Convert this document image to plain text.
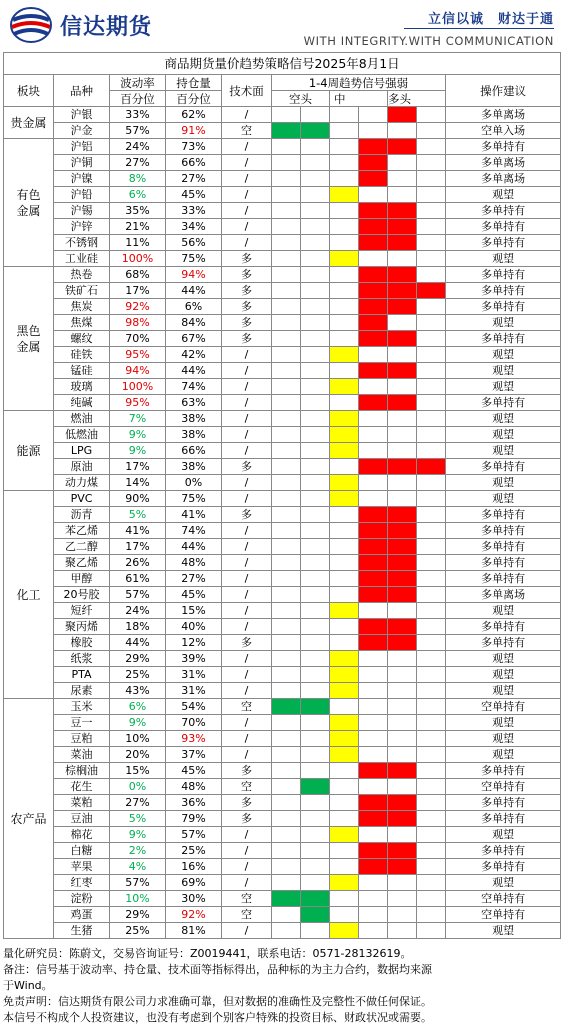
信达期货	立信以诚　财达于通
WITH INTEGRITY.WITH COMMUNICATION
商品期货量价趋势策略信号2025年8月1日											
板块	品种	波动率	持仓量	技术面	1-4周趋势信号强弱						操作建议
		百分位	百分位		空头		中		多头		
贵金属	沪银	33%	62%	/							多单离场
	沪金	57%	91%	空							空单入场
有色
金属	沪铝	24%	73%	/							多单持有
	沪铜	27%	66%	/							多单离场
	沪镍	8%	27%	/							多单离场
	沪铅	6%	45%	/							观望
	沪锡	35%	33%	/							多单持有
	沪锌	21%	34%	/							多单持有
	不锈钢	11%	56%	/							多单持有
	工业硅	100%	75%	多							观望
黑色
金属	热卷	68%	94%	多							多单持有
	铁矿石	17%	44%	多							多单持有
	焦炭	92%	6%	多							多单持有
	焦煤	98%	84%	多							观望
	螺纹	70%	67%	多							多单持有
	硅铁	95%	42%	/							观望
	锰硅	94%	44%	/							观望
	玻璃	100%	74%	/							观望
	纯碱	95%	63%	/							多单持有
能源	燃油	7%	38%	/							观望
	低燃油	9%	38%	/							观望
	LPG	9%	66%	/							观望
	原油	17%	38%	多							多单持有
	动力煤	14%	0%	/							观望
化工	PVC	90%	75%	/							观望
	沥青	5%	41%	多							多单持有
	苯乙烯	41%	74%	/							多单持有
	乙二醇	17%	44%	/							多单持有
	聚乙烯	26%	48%	/							多单持有
	甲醇	61%	27%	/							多单持有
	20号胶	57%	45%	/							多单离场
	短纤	24%	15%	/							观望
	聚丙烯	18%	40%	/							多单持有
	橡胶	44%	12%	多							多单持有
	纸浆	29%	39%	/							观望
	PTA	25%	31%	/							观望
	尿素	43%	31%	/							观望
农产品	玉米	6%	54%	空							空单持有
	豆一	9%	70%	/							观望
	豆粕	10%	93%	/							观望
	菜油	20%	37%	/							观望
	棕榈油	15%	45%	多							多单持有
	花生	0%	48%	空							空单持有
	菜粕	27%	36%	多							多单持有
	豆油	5%	79%	多							多单持有
	棉花	9%	57%	/							观望
	白糖	2%	25%	/							多单持有
	苹果	4%	16%	/							多单持有
	红枣	57%	69%	/							观望
	淀粉	10%	30%	空							空单持有
	鸡蛋	29%	92%	空							空单持有
	生猪	25%	81%	/							观望
量化研究员：陈蔚文，交易咨询证号：Z0019441，联系电话：0571-28132619。
备注：信号基于波动率、持仓量、技术面等指标得出，品种标的为主力合约，数据均来源
于Wind。
免责声明：信达期货有限公司力求准确可靠，但对数据的准确性及完整性不做任何保证。
本信号不构成个人投资建议，也没有考虑到个别客户特殊的投资目标、财政状况或需要。
